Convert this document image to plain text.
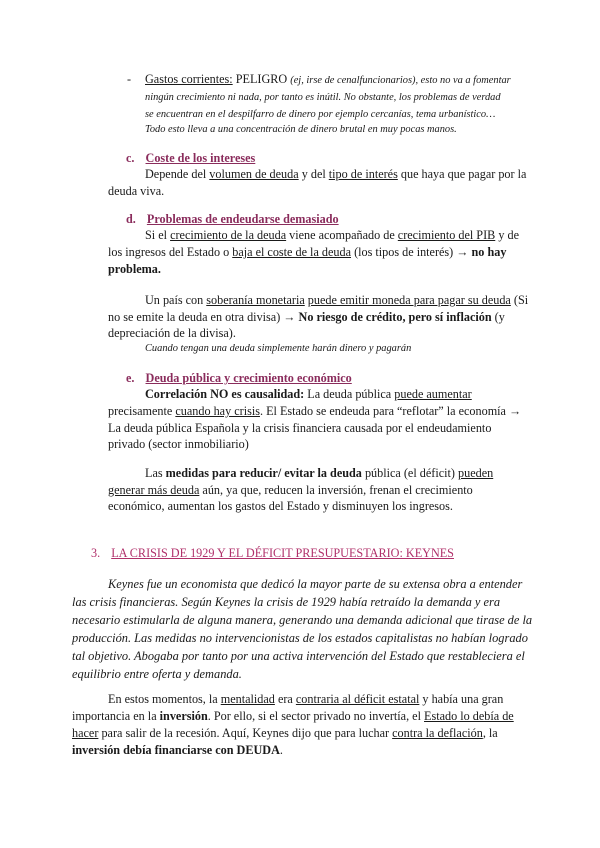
- Gastos corrientes: PELIGRO (ej, irse de cenalfuncionarios), esto no va a fomentar
ningún crecimiento ni nada, por tanto es inútil. No obstante, los problemas de verdad
se encuentran en el despilfarro de dinero por ejemplo cercanías, tema urbanístico…
Todo esto lleva a una concentración de dinero brutal en muy pocas manos.
c. Coste de los intereses
Depende del volumen de deuda y del tipo de interés que haya que pagar por la
deuda viva.
d. Problemas de endeudarse demasiado
Si el crecimiento de la deuda viene acompañado de crecimiento del PIB y de
los ingresos del Estado o baja el coste de la deuda (los tipos de interés) → no hay
problema.
Un país con soberanía monetaria puede emitir moneda para pagar su deuda (Si
no se emite la deuda en otra divisa) → No riesgo de crédito, pero sí inflación (y
depreciación de la divisa).
Cuando tengan una deuda simplemente harán dinero y pagarán
e. Deuda pública y crecimiento económico
Correlación NO es causalidad: La deuda pública puede aumentar
precisamente cuando hay crisis. El Estado se endeuda para “reflotar” la economía →
La deuda pública Española y la crisis financiera causada por el endeudamiento
privado (sector inmobiliario)
Las medidas para reducir/ evitar la deuda pública (el déficit) pueden
generar más deuda aún, ya que, reducen la inversión, frenan el crecimiento
económico, aumentan los gastos del Estado y disminuyen los ingresos.
3. LA CRISIS DE 1929 Y EL DÉFICIT PRESUPUESTARIO: KEYNES
Keynes fue un economista que dedicó la mayor parte de su extensa obra a entender
las crisis financieras. Según Keynes la crisis de 1929 había retraído la demanda y era
necesario estimularla de alguna manera, generando una demanda adicional que tirase de la
producción. Las medidas no intervencionistas de los estados capitalistas no habían logrado
tal objetivo. Abogaba por tanto por una activa intervención del Estado que restableciera el
equilibrio entre oferta y demanda.
En estos momentos, la mentalidad era contraria al déficit estatal y había una gran
importancia en la inversión. Por ello, si el sector privado no invertía, el Estado lo debía de
hacer para salir de la recesión. Aquí, Keynes dijo que para luchar contra la deflación, la
inversión debía financiarse con DEUDA.
